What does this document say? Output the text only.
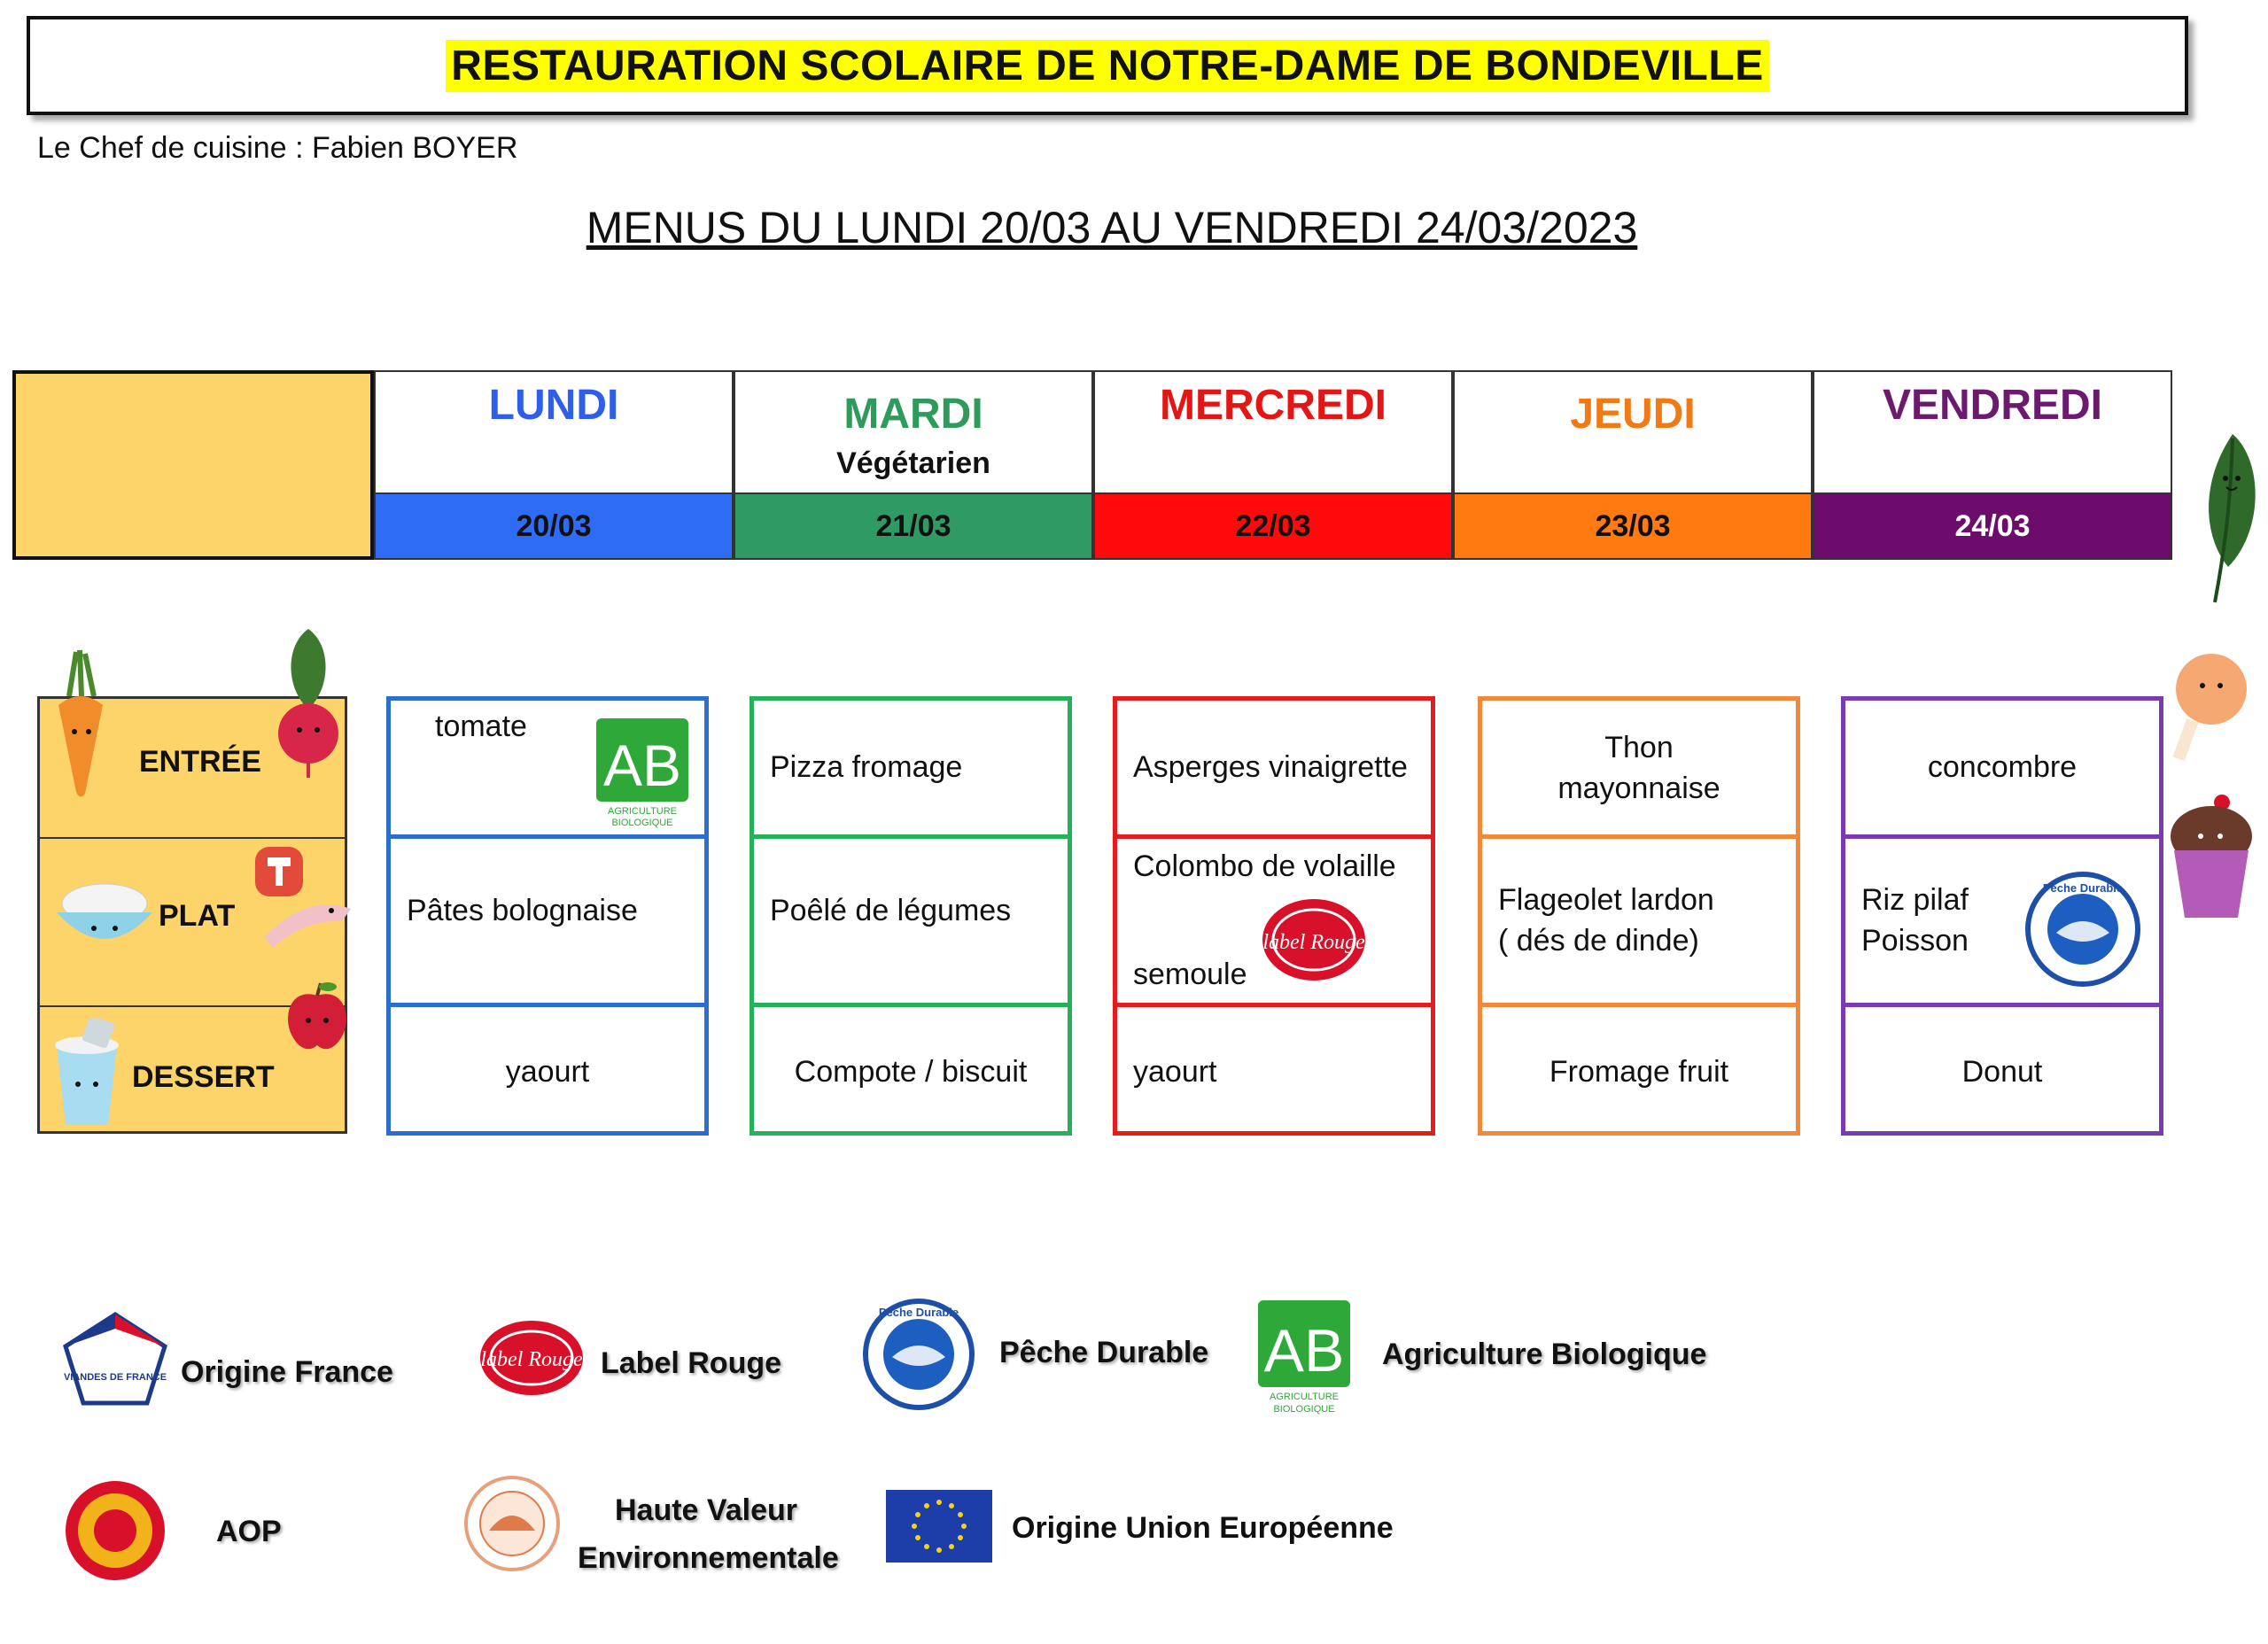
RESTAURATION SCOLAIRE DE NOTRE-DAME DE BONDEVILLE
Le Chef de cuisine : Fabien BOYER
MENUS DU LUNDI 20/03 AU VENDREDI 24/03/2023
LUNDI
20/03
MARDI
Végétarien
21/03
MERCREDI
22/03
JEUDI
23/03
VENDREDI
24/03
ENTRÉE
PLAT
DESSERT
tomate
AB
AGRICULTURE
BIOLOGIQUE
Pâtes bolognaise
yaourt
Pizza fromage
Poêlé de légumes
Compote / biscuit
Asperges vinaigrette
Colombo de volaille
semoule
label Rouge
yaourt
Thon
mayonnaise
Flageolet lardon
( dés de dinde)
Fromage fruit
concombre
Riz pilaf
Poisson
Pêche Durable
Donut
VIANDES DE FRANCE Origine France	label Rouge Label Rouge
Pêche Durable
Pêche Durable AB
AGRICULTURE
BIOLOGIQUE
Agriculture Biologique
AOP
Haute Valeur
Environnementale
Origine Union Européenne
